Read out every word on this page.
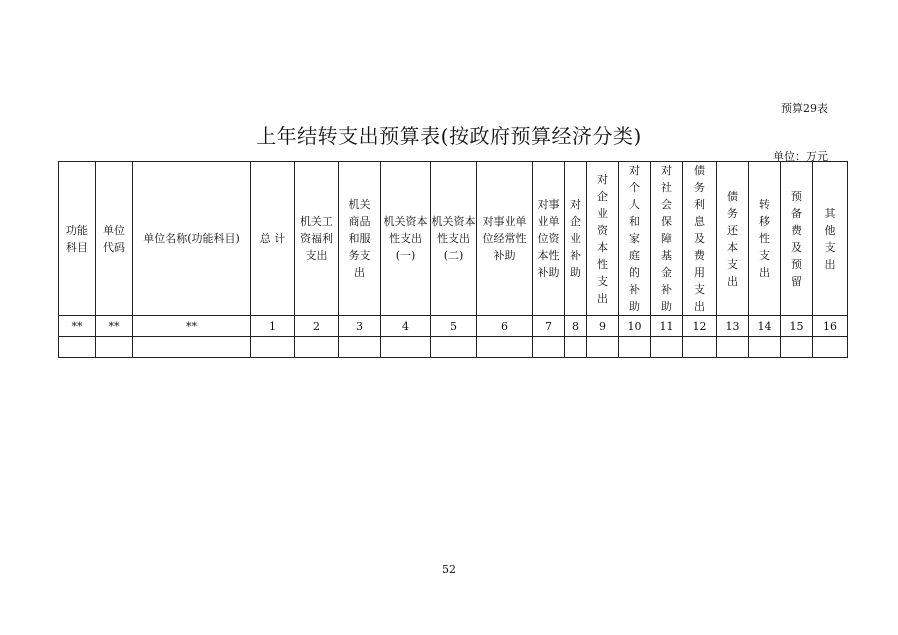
预算29表
上年结转支出预算表(按政府预算经济分类)
单位：万元
功能科目	单位代码	单位名称(功能科目)	总 计	机关工资福利支出	机关商品和服务支出	机关资本性支出(一)	机关资本性支出(二)	对事业单位经常性补助	对事业单位资本性补助	对企业补助	对企业资本性支出	对个人和家庭的补助	对社会保障基金补助	债务利息及费用支出	债务还本支出	转移性支出	预备费及预留	其他支出
**	**	**	1	2	3	4	5	6	7	8	9	10	11	12	13	14	15	16

52
